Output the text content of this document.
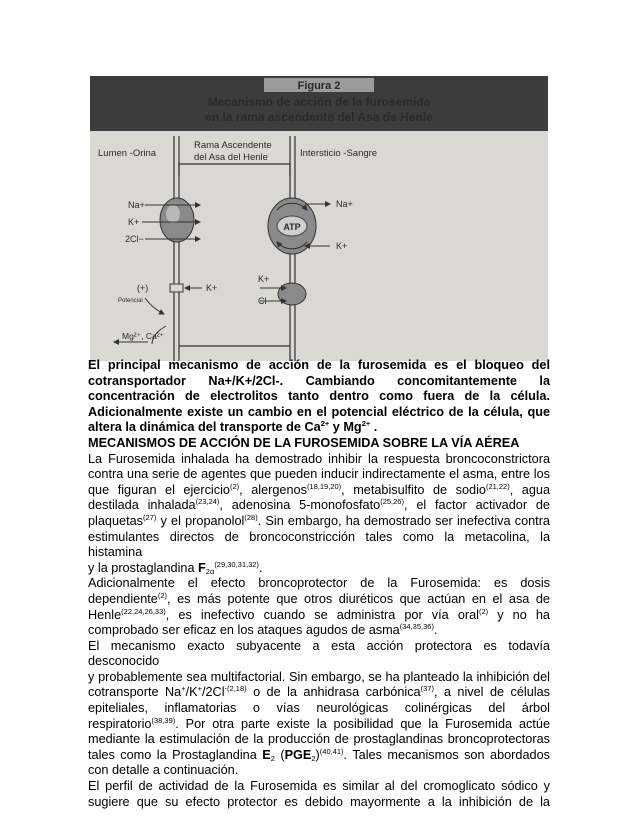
Figura 2
Mecanismo de acción de la furosemida
en la rama ascendente del Asa de Henle
Lumen -Orina
Rama Ascendente
del Asa del Henle	Intersticio -Sangre
Na+
K+
2Cl−
ATP
Na+
K+
K+
Cl−
(+)	K+
Potencial
Mg²⁺, Ca²⁺

El principal mecanismo de acción de la furosemida es el bloqueo del

cotransportador Na+/K+/2Cl-. Cambiando concomitantemente la

concentración de electrolitos tanto dentro como fuera de la célula.

Adicionalmente existe un cambio en el potencial eléctrico de la célula, que

altera la dinámica del transporte de $Ca^{2+}$ y $Mg^{2+}$ .

MECANISMOS DE ACCIÓN DE LA FUROSEMIDA SOBRE LA VÍA AÉREA

La Furosemida inhalada ha demostrado inhibir la respuesta broncoconstrictora

contra una serie de agentes que pueden inducir indirectamente el asma, entre los

que figuran el ejercicio$^{(2)}$, alergenos$^{(18,19,20)}$, metabisulfito de sodio$^{(21,22)}$, agua

destilada inhalada$^{(23,24)}$, adenosina 5-monofosfato$^{(25,26)}$, el factor activador de

plaquetas$^{(27)}$ y el propanolol$^{(28)}$. Sin embargo, ha demostrado ser inefectiva contra

estimulantes directos de broncoconstricción tales como la metacolina, la histamina

y la prostaglandina $F_{2\alpha}^{(29,30,31,32)}$.

Adicionalmente el efecto broncoprotector de la Furosemida: es dosis

dependiente$^{(2)}$, es más potente que otros diuréticos que actúan en el asa de

Henle$^{(22,24,26,33)}$, es inefectivo cuando se administra por vía oral$^{(2)}$ y no ha

comprobado ser eficaz en los ataques agudos de asma$^{(34,35,36)}$.

El mecanismo exacto subyacente a esta acción protectora es todavía desconocido

y probablemente sea multifactorial. Sin embargo, se ha planteado la inhibición del

cotransporte $Na^+/K^+/2Cl^{-(2,18)}$ o de la anhidrasa carbónica$^{(37)}$, a nivel de células

epiteliales, inflamatorias o vías neurológicas colinérgicas del árbol

respiratorio$^{(38,39)}$. Por otra parte existe la posibilidad que la Furosemida actúe

mediante la estimulación de la producción de prostaglandinas broncoprotectoras

tales como la Prostaglandina $E_2$ $(PGE_2)^{(40,41)}$. Tales mecanismos son abordados

con detalle a continuación.

El perfil de actividad de la Furosemida es similar al del cromoglicato sódico y

sugiere que su efecto protector es debido mayormente a la inhibición de la
